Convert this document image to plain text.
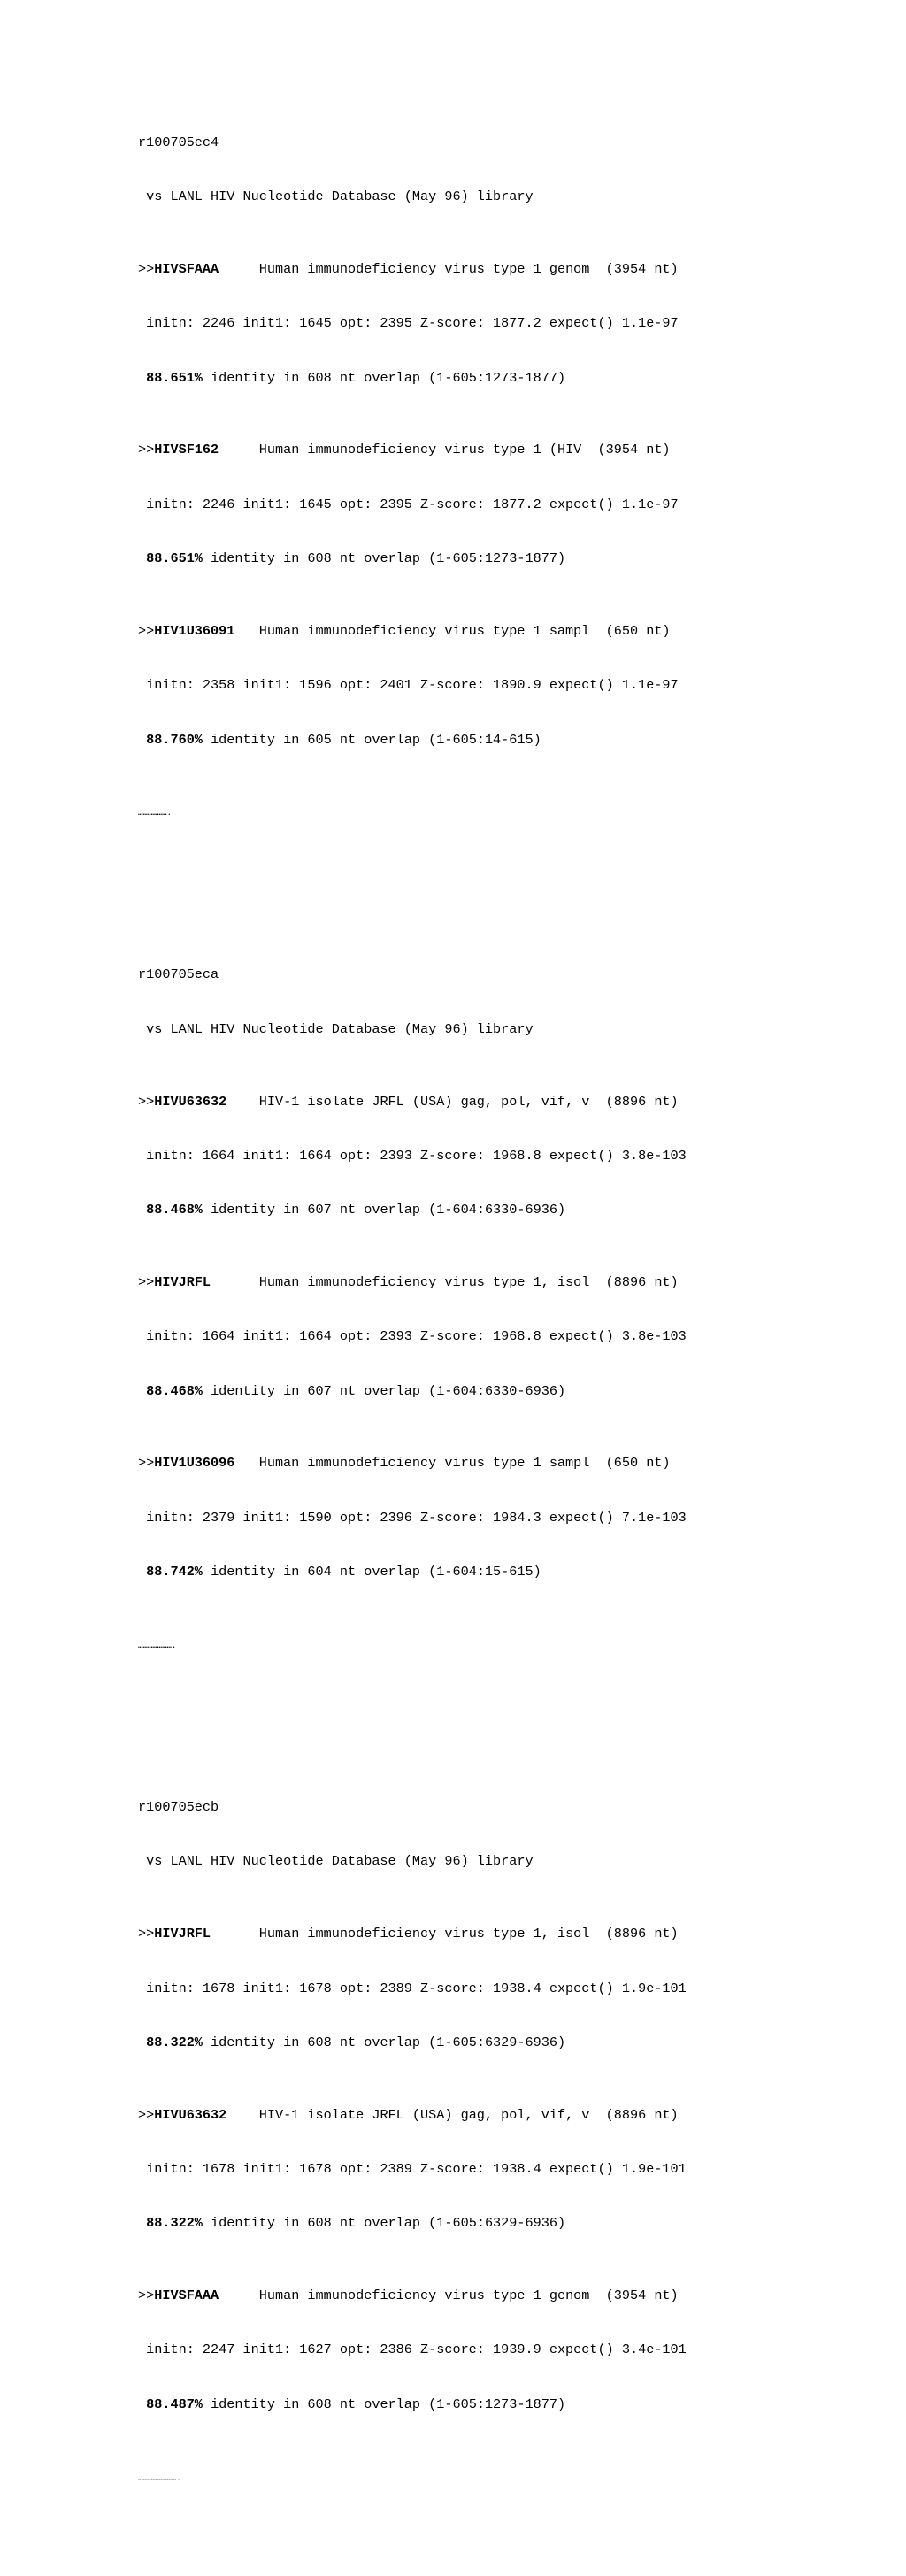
r100705ec4

vs LANL HIV Nucleotide Database (May 96) library

>>HIVSFAAA	Human immunodeficiency virus type 1 genom  (3954 nt)

initn: 2246 init1: 1645 opt: 2395 Z-score: 1877.2 expect() 1.1e-97

88.651% identity in 608 nt overlap (1-605:1273-1877)

>>HIVSF162	Human immunodeficiency virus type 1 (HIV  (3954 nt)

initn: 2246 init1: 1645 opt: 2395 Z-score: 1877.2 expect() 1.1e-97

88.651% identity in 608 nt overlap (1-605:1273-1877)

>>HIV1U36091 Human immunodeficiency virus type 1 sampl  (650 nt)

initn: 2358 init1: 1596 opt: 2401 Z-score: 1890.9 expect() 1.1e-97

88.760% identity in 605 nt overlap (1-605:14-615)

……………….

r100705eca

vs LANL HIV Nucleotide Database (May 96) library

>>HIVU63632 HIV-1 isolate JRFL (USA) gag, pol, vif, v  (8896 nt)

initn: 1664 init1: 1664 opt: 2393 Z-score: 1968.8 expect() 3.8e-103

88.468% identity in 607 nt overlap (1-604:6330-6936)

>>HIVJRFL	Human immunodeficiency virus type 1, isol  (8896 nt)

initn: 1664 init1: 1664 opt: 2393 Z-score: 1968.8 expect() 3.8e-103

88.468% identity in 607 nt overlap (1-604:6330-6936)

>>HIV1U36096 Human immunodeficiency virus type 1 sampl  (650 nt)

initn: 2379 init1: 1590 opt: 2396 Z-score: 1984.3 expect() 7.1e-103

88.742% identity in 604 nt overlap (1-604:15-615)

………………….

r100705ecb

vs LANL HIV Nucleotide Database (May 96) library

>>HIVJRFL	Human immunodeficiency virus type 1, isol  (8896 nt)

initn: 1678 init1: 1678 opt: 2389 Z-score: 1938.4 expect() 1.9e-101

88.322% identity in 608 nt overlap (1-605:6329-6936)

>>HIVU63632 HIV-1 isolate JRFL (USA) gag, pol, vif, v  (8896 nt)

initn: 1678 init1: 1678 opt: 2389 Z-score: 1938.4 expect() 1.9e-101

88.322% identity in 608 nt overlap (1-605:6329-6936)

>>HIVSFAAA	Human immunodeficiency virus type 1 genom  (3954 nt)

initn: 2247 init1: 1627 opt: 2386 Z-score: 1939.9 expect() 3.4e-101

88.487% identity in 608 nt overlap (1-605:1273-1877)

…………………….
